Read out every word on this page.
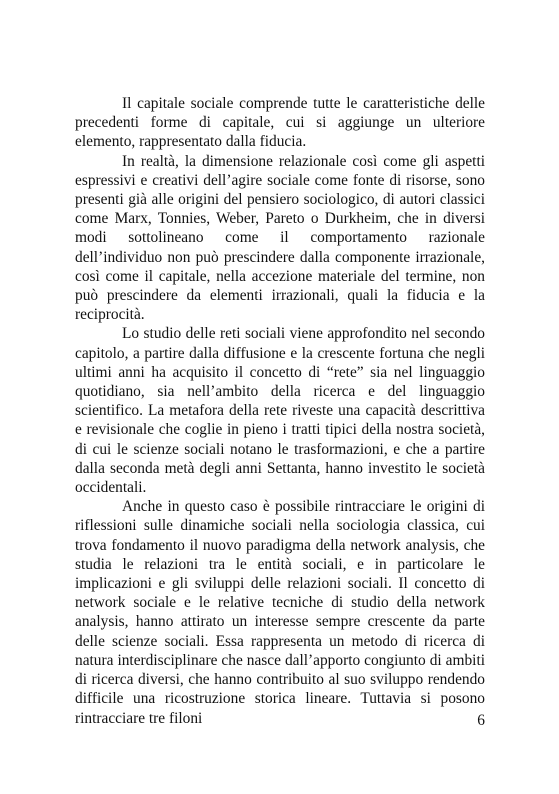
Il capitale sociale comprende tutte le caratteristiche delle precedenti forme di capitale, cui si aggiunge un ulteriore elemento, rappresentato dalla fiducia.

In realtà, la dimensione relazionale così come gli aspetti espressivi e creativi dell’agire sociale come fonte di risorse, sono presenti già alle origini del pensiero sociologico, di autori classici come Marx, Tonnies, Weber, Pareto o Durkheim, che in diversi modi sottolineano come il comportamento razionale dell’individuo non può prescindere dalla componente irrazionale, così come il capitale, nella accezione materiale del termine, non può prescindere da elementi irrazionali, quali la fiducia e la reciprocità.

Lo studio delle reti sociali viene approfondito nel secondo capitolo, a partire dalla diffusione e la crescente fortuna che negli ultimi anni ha acquisito il concetto di “rete” sia nel linguaggio quotidiano, sia nell’ambito della ricerca e del linguaggio scientifico. La metafora della rete riveste una capacità descrittiva e revisionale che coglie in pieno i tratti tipici della nostra società, di cui le scienze sociali notano le trasformazioni, e che a partire dalla seconda metà degli anni Settanta, hanno investito le società occidentali.

Anche in questo caso è possibile rintracciare le origini di riflessioni sulle dinamiche sociali nella sociologia classica, cui trova fondamento il nuovo paradigma della network analysis, che studia le relazioni tra le entità sociali, e in particolare le implicazioni e gli sviluppi delle relazioni sociali. Il concetto di network sociale e le relative tecniche di studio della network analysis, hanno attirato un interesse sempre crescente da parte delle scienze sociali. Essa rappresenta un metodo di ricerca di natura interdisciplinare che nasce dall’apporto congiunto di ambiti di ricerca diversi, che hanno contribuito al suo sviluppo rendendo difficile una ricostruzione storica lineare. Tuttavia si posono rintracciare tre filoni	6
